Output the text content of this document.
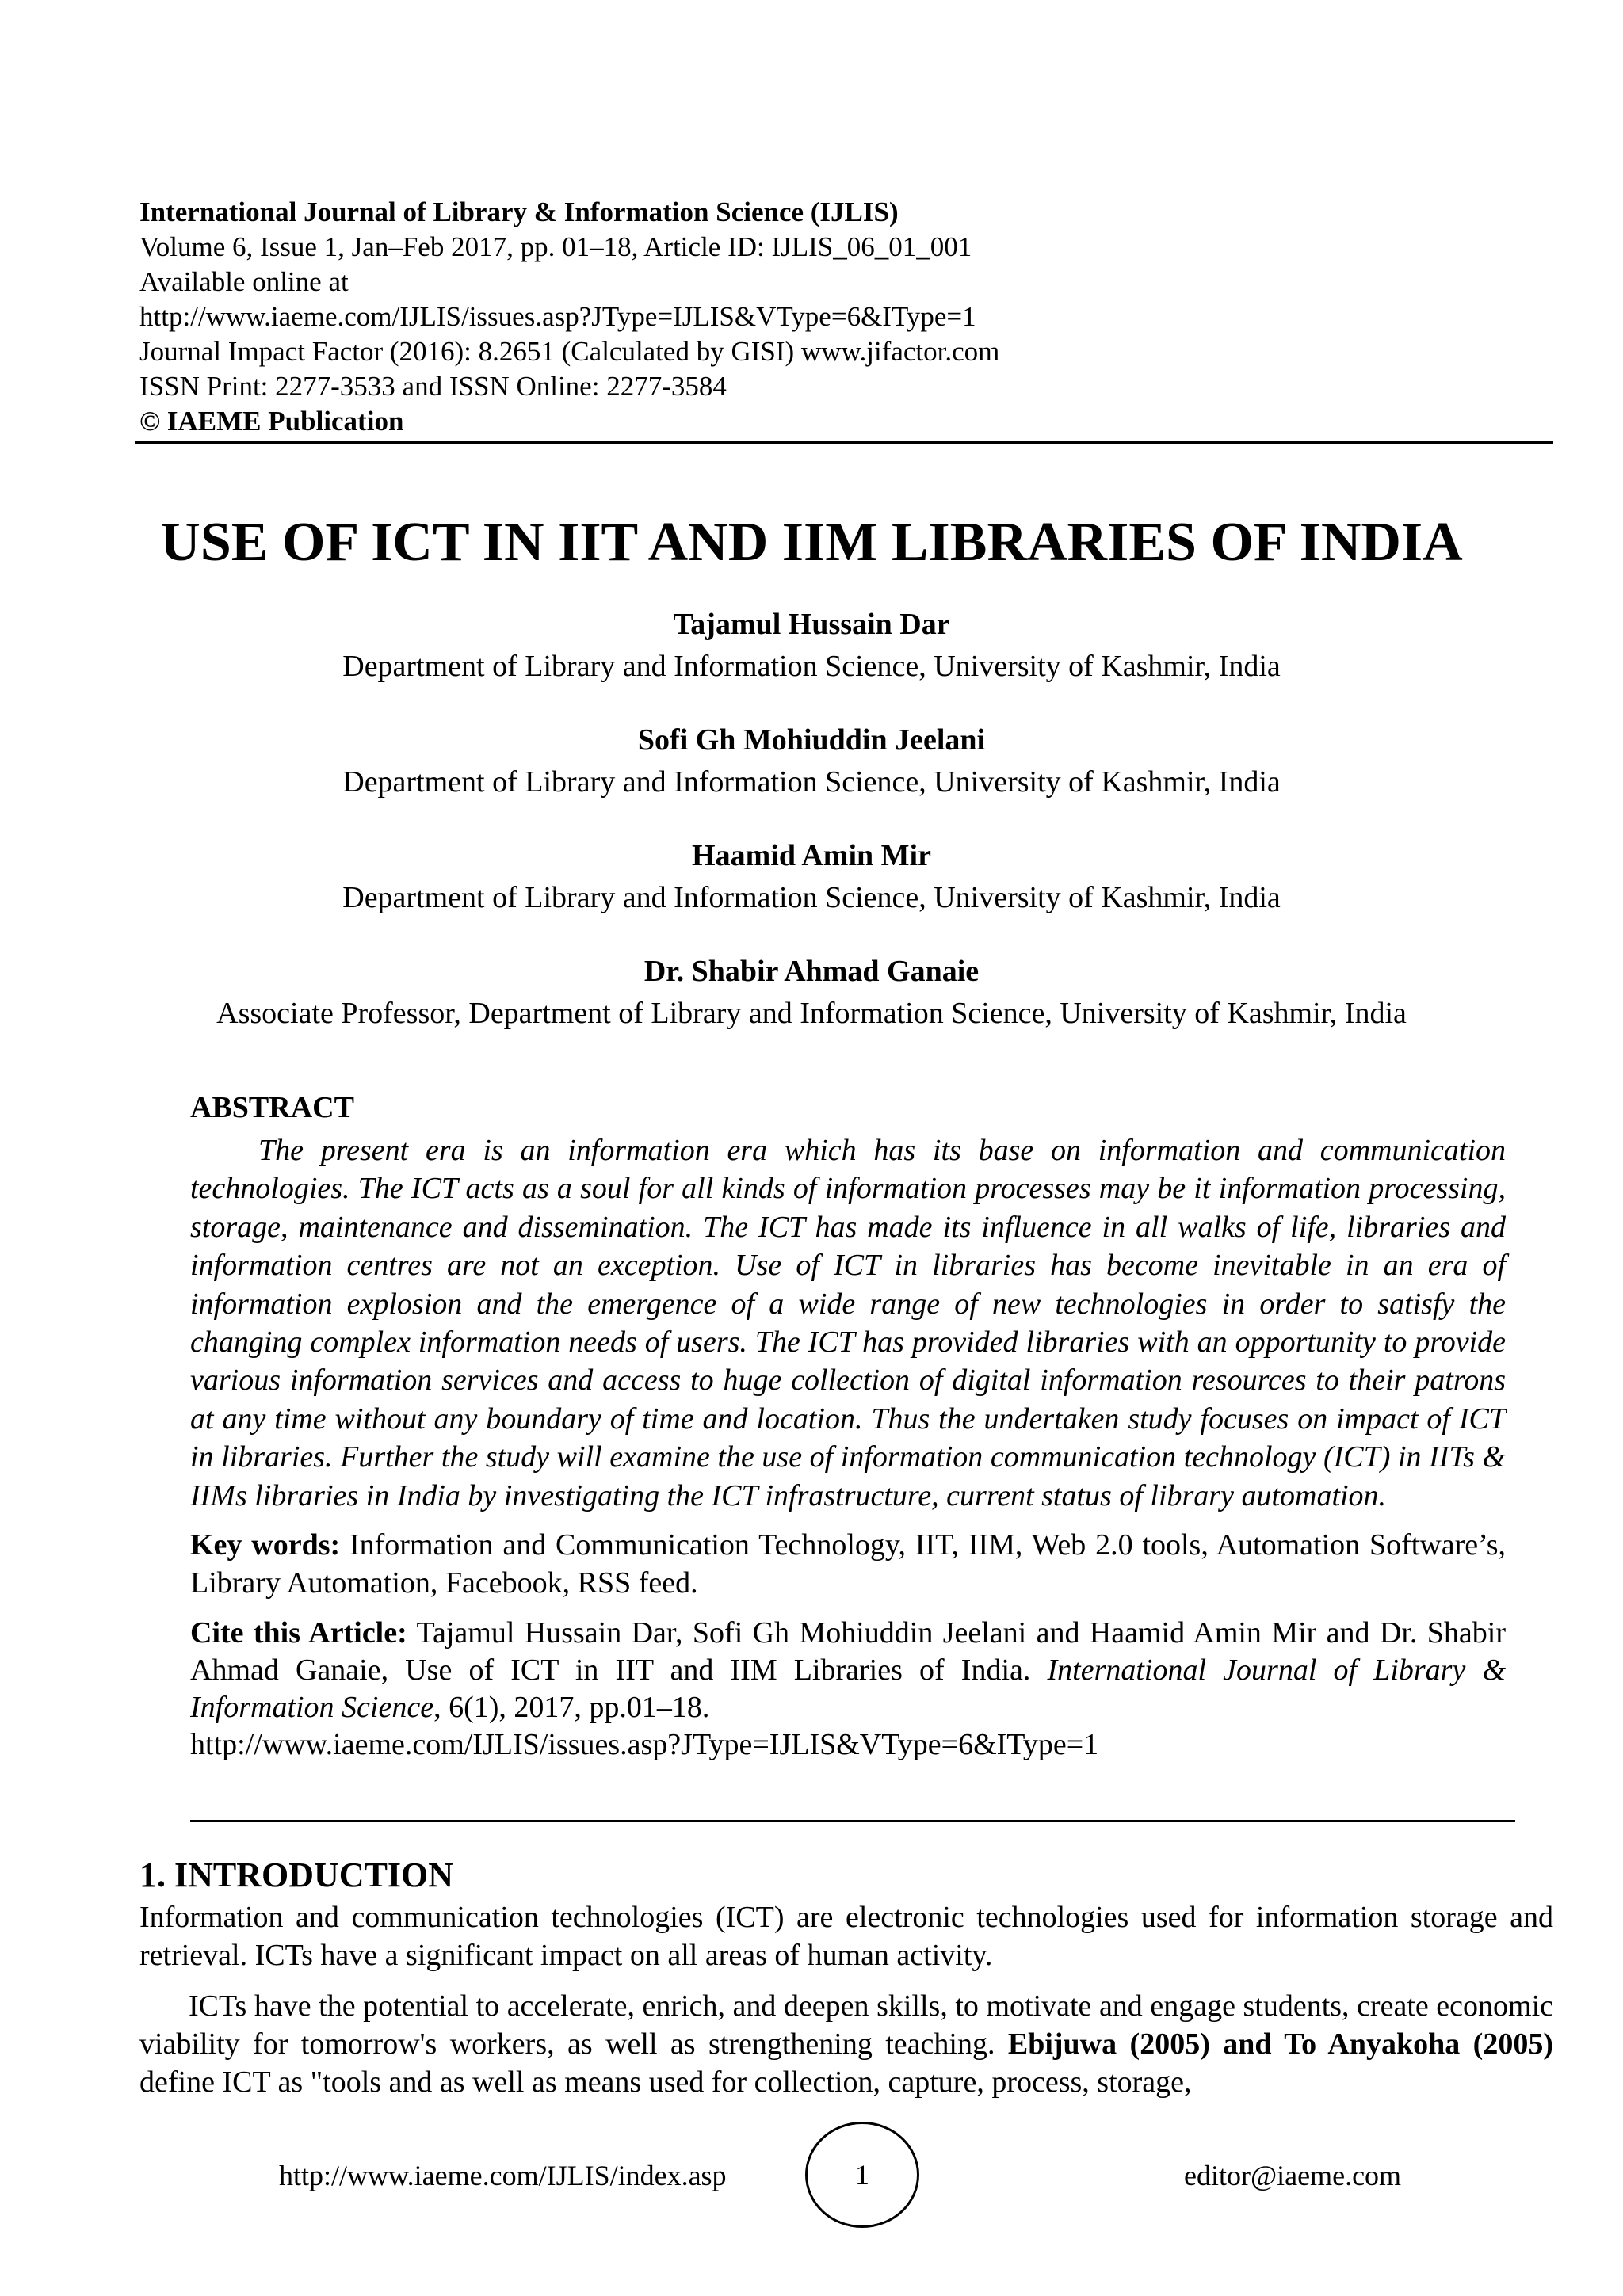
International Journal of Library & Information Science (IJLIS)
Volume 6, Issue 1, Jan–Feb 2017, pp. 01–18, Article ID: IJLIS_06_01_001
Available online at
http://www.iaeme.com/IJLIS/issues.asp?JType=IJLIS&VType=6&IType=1
Journal Impact Factor (2016): 8.2651 (Calculated by GISI) www.jifactor.com
ISSN Print: 2277-3533 and ISSN Online: 2277-3584
© IAEME Publication
USE OF ICT IN IIT AND IIM LIBRARIES OF INDIA
Tajamul Hussain Dar
Department of Library and Information Science, University of Kashmir, India
Sofi Gh Mohiuddin Jeelani
Department of Library and Information Science, University of Kashmir, India
Haamid Amin Mir
Department of Library and Information Science, University of Kashmir, India
Dr. Shabir Ahmad Ganaie
Associate Professor, Department of Library and Information Science, University of Kashmir, India
ABSTRACT
The present era is an information era which has its base on information and communication technologies. The ICT acts as a soul for all kinds of information processes may be it information processing, storage, maintenance and dissemination. The ICT has made its influence in all walks of life, libraries and information centres are not an exception. Use of ICT in libraries has become inevitable in an era of information explosion and the emergence of a wide range of new technologies in order to satisfy the changing complex information needs of users. The ICT has provided libraries with an opportunity to provide various information services and access to huge collection of digital information resources to their patrons at any time without any boundary of time and location. Thus the undertaken study focuses on impact of ICT in libraries. Further the study will examine the use of information communication technology (ICT) in IITs & IIMs libraries in India by investigating the ICT infrastructure, current status of library automation.
Key words: Information and Communication Technology, IIT, IIM, Web 2.0 tools, Automation Software’s, Library Automation, Facebook, RSS feed.
Cite this Article: Tajamul Hussain Dar, Sofi Gh Mohiuddin Jeelani and Haamid Amin Mir and Dr. Shabir Ahmad Ganaie, Use of ICT in IIT and IIM Libraries of India. International Journal of Library & Information Science, 6(1), 2017, pp.01–18.
http://www.iaeme.com/IJLIS/issues.asp?JType=IJLIS&VType=6&IType=1
1. INTRODUCTION

Information and communication technologies (ICT) are electronic technologies used for information storage and retrieval. ICTs have a significant impact on all areas of human activity.

ICTs have the potential to accelerate, enrich, and deepen skills, to motivate and engage students, create economic viability for tomorrow's workers, as well as strengthening teaching. Ebijuwa (2005) and To Anyakoha (2005) define ICT as "tools and as well as means used for collection, capture, process, storage,

http://www.iaeme.com/IJLIS/index.asp	1	editor@iaeme.com
